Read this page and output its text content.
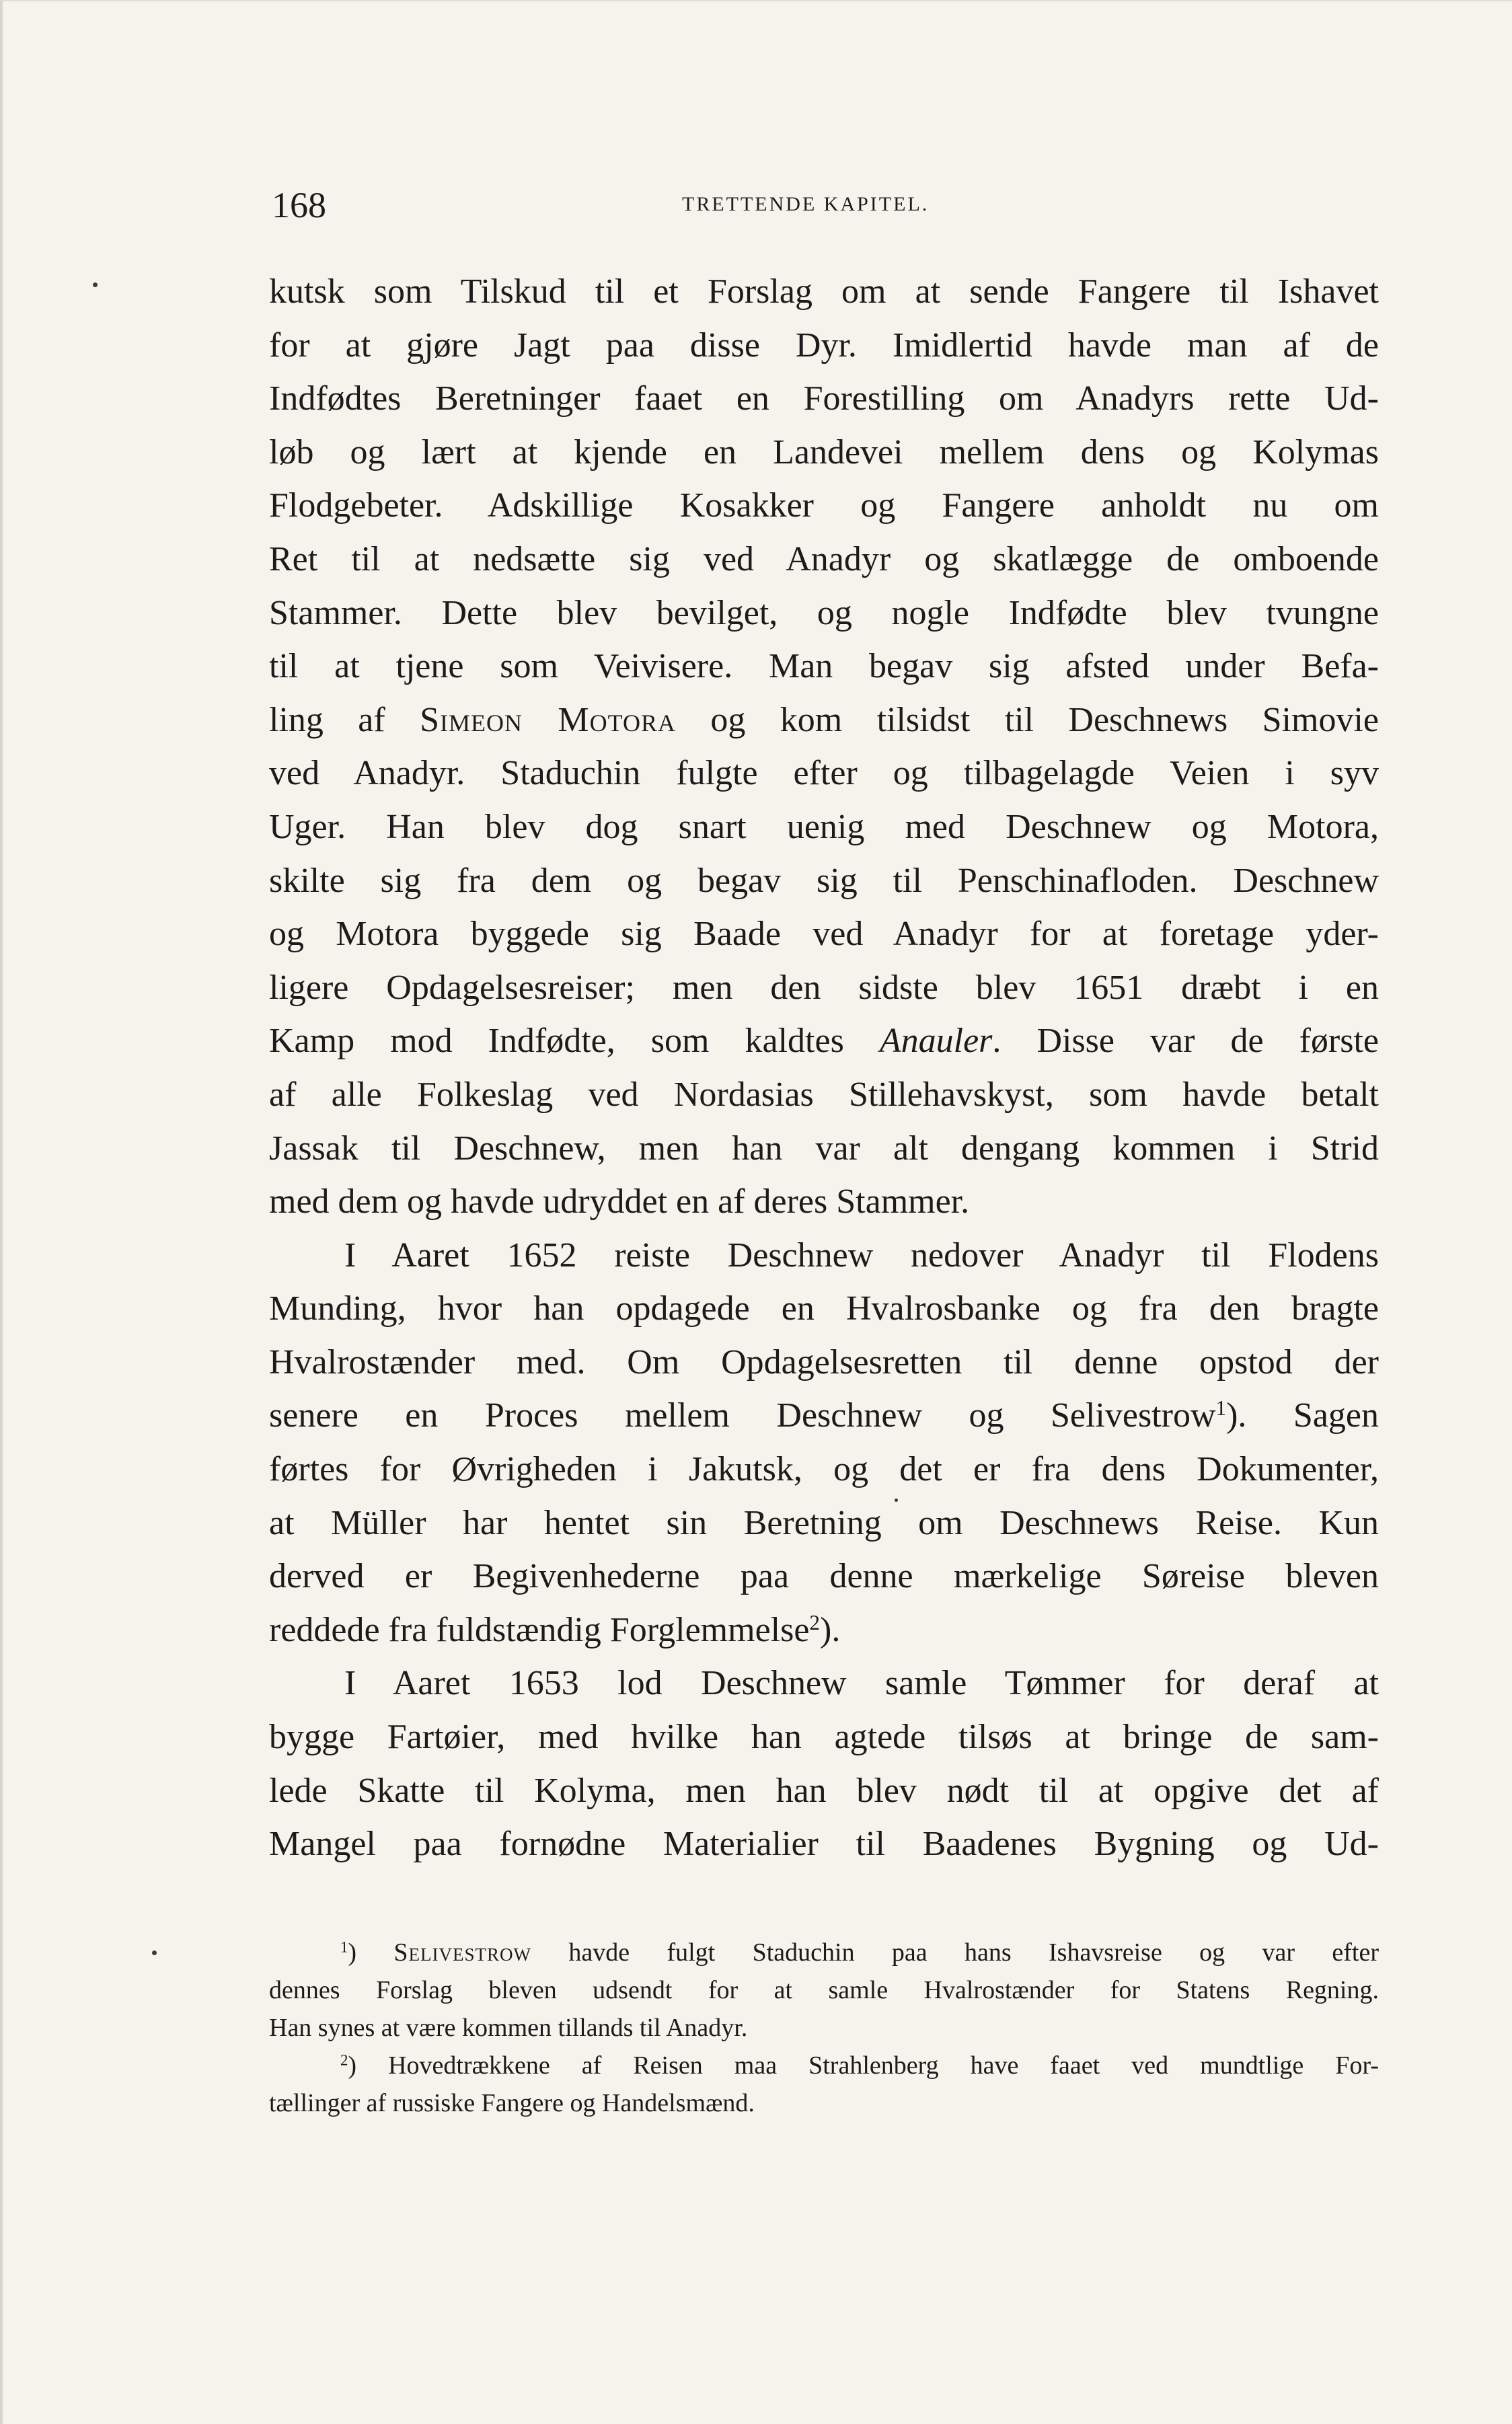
168	TRETTENDE KAPITEL.
kutsk som Tilskud til et Forslag om at sende Fangere til Ishavet
for at gjøre Jagt paa disse Dyr. Imidlertid havde man af de
Indfødtes Beretninger faaet en Forestilling om Anadyrs rette Ud-
løb og lært at kjende en Landevei mellem dens og Kolymas
Flodgebeter. Adskillige Kosakker og Fangere anholdt nu om
Ret til at nedsætte sig ved Anadyr og skatlægge de omboende
Stammer. Dette blev bevilget, og nogle Indfødte blev tvungne
til at tjene som Veivisere. Man begav sig afsted under Befa-
ling af Simeon Motora og kom tilsidst til Deschnews Simovie
ved Anadyr. Staduchin fulgte efter og tilbagelagde Veien i syv
Uger. Han blev dog snart uenig med Deschnew og Motora,
skilte sig fra dem og begav sig til Penschinafloden. Deschnew
og Motora byggede sig Baade ved Anadyr for at foretage yder-
ligere Opdagelsesreiser; men den sidste blev 1651 dræbt i en
Kamp mod Indfødte, som kaldtes Anauler. Disse var de første
af alle Folkeslag ved Nordasias Stillehavskyst, som havde betalt
Jassak til Deschnew, men han var alt dengang kommen i Strid
med dem og havde udryddet en af deres Stammer.
I Aaret 1652 reiste Deschnew nedover Anadyr til Flodens
Munding, hvor han opdagede en Hvalrosbanke og fra den bragte
Hvalrostænder med. Om Opdagelsesretten til denne opstod der
senere en Proces mellem Deschnew og Selivestrow$^1$). Sagen
førtes for Øvrigheden i Jakutsk, og det er fra dens Dokumenter,
at Müller har hentet sin Beretning om Deschnews Reise. Kun
derved er Begivenhederne paa denne mærkelige Søreise bleven
reddede fra fuldstændig Forglemmelse$^2$).
I Aaret 1653 lod Deschnew samle Tømmer for deraf at
bygge Fartøier, med hvilke han agtede tilsøs at bringe de sam-
lede Skatte til Kolyma, men han blev nødt til at opgive det af
Mangel paa fornødne Materialier til Baadenes Bygning og Ud-
$^1$) Selivestrow havde fulgt Staduchin paa hans Ishavsreise og var efter
dennes Forslag bleven udsendt for at samle Hvalrostænder for Statens Regning.
Han synes at være kommen tillands til Anadyr.
$^2$) Hovedtrækkene af Reisen maa Strahlenberg have faaet ved mundtlige For-
tællinger af russiske Fangere og Handelsmænd.
